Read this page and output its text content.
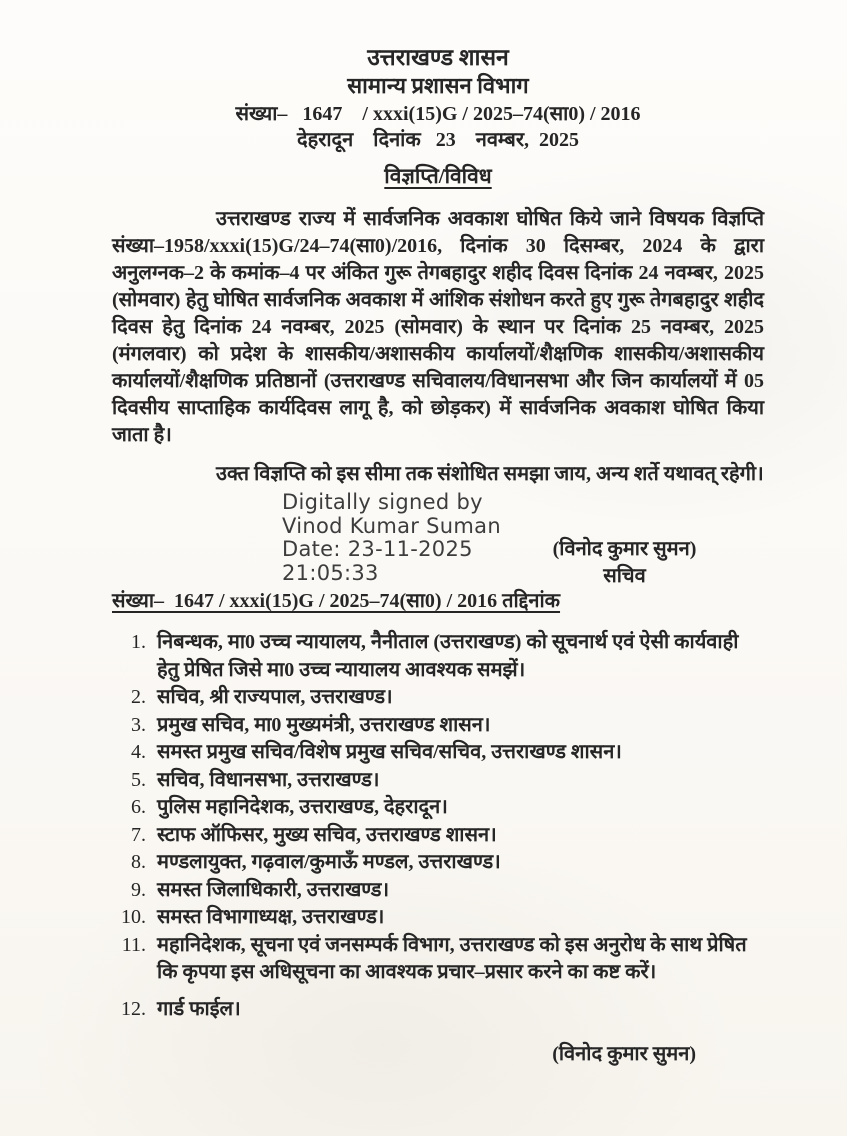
उत्तराखण्ड शासन
सामान्य प्रशासन विभाग
संख्या–   1647    / xxxi(15)G / 2025–74(सा0) / 2016
देहरादून    दिनांक   23    नवम्बर,  2025
विज्ञप्ति/विविध

उत्तराखण्ड राज्य में सार्वजनिक अवकाश घोषित किये जाने विषयक विज्ञप्ति संख्या–1958/xxxi(15)G/24–74(सा0)/2016, दिनांक 30 दिसम्बर, 2024 के द्वारा अनुलग्नक–2 के कमांक–4 पर अंकित गुरू तेगबहादुर शहीद दिवस दिनांक 24 नवम्बर, 2025 (सोमवार) हेतु घोषित सार्वजनिक अवकाश में आंशिक संशोधन करते हुए गुरू तेगबहादुर शहीद दिवस हेतु दिनांक 24 नवम्बर, 2025 (सोमवार) के स्थान पर दिनांक 25 नवम्बर, 2025 (मंगलवार) को प्रदेश के शासकीय/अशासकीय कार्यालयों/शैक्षणिक शासकीय/अशासकीय कार्यालयों/शैक्षणिक प्रतिष्ठानों (उत्तराखण्ड सचिवालय/विधानसभा और जिन कार्यालयों में 05 दिवसीय साप्ताहिक कार्यदिवस लागू है, को छोड़कर) में सार्वजनिक अवकाश घोषित किया जाता है।

उक्त विज्ञप्ति को इस सीमा तक संशोधित समझा जाय, अन्य शर्ते यथावत् रहेगी।

Digitally signed by
Vinod Kumar Suman
Date: 23-11-2025
21:05:33
(विनोद कुमार सुमन)
सचिव
संख्या–  1647 / xxxi(15)G / 2025–74(सा0) / 2016 तद्दिनांक
1. निबन्धक, मा0 उच्च न्यायालय, नैनीताल (उत्तराखण्ड) को सूचनार्थ एवं ऐसी कार्यवाही हेतु प्रेषित जिसे मा0 उच्च न्यायालय आवश्यक समझें।
2. सचिव, श्री राज्यपाल, उत्तराखण्ड।
3. प्रमुख सचिव, मा0 मुख्यमंत्री, उत्तराखण्ड शासन।
4. समस्त प्रमुख सचिव/विशेष प्रमुख सचिव/सचिव, उत्तराखण्ड शासन।
5. सचिव, विधानसभा, उत्तराखण्ड।
6. पुलिस महानिदेशक, उत्तराखण्ड, देहरादून।
7. स्टाफ ऑफिसर, मुख्य सचिव, उत्तराखण्ड शासन।
8. मण्डलायुक्त, गढ़वाल/कुमाऊँ मण्डल, उत्तराखण्ड।
9. समस्त जिलाधिकारी, उत्तराखण्ड।
10. समस्त विभागाध्यक्ष, उत्तराखण्ड।
11. महानिदेशक, सूचना एवं जनसम्पर्क विभाग, उत्तराखण्ड को इस अनुरोध के साथ प्रेषित कि कृपया इस अधिसूचना का आवश्यक प्रचार–प्रसार करने का कष्ट करें।
12. गार्ड फाईल।
(विनोद कुमार सुमन)
